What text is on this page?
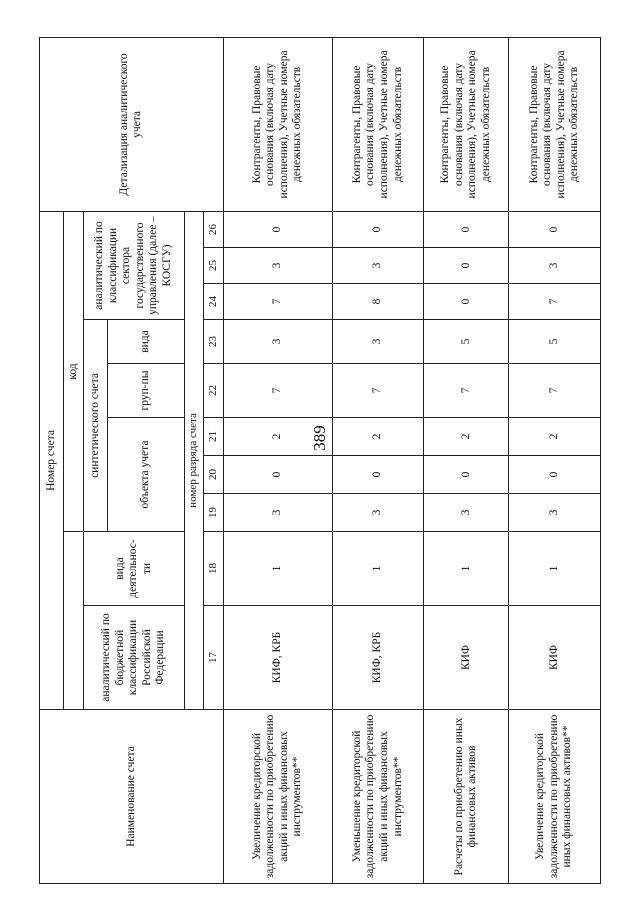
389
Наименование счета	Номер счета										Детализация аналитического учета
			код								
	аналитический по бюджетной классификации Российской Федерации	вида деятельнос-ти	синтетического счета					аналитический по классификации сектора государственного управления (далее – КОСГУ)			
			объекта учета			груп-пы	вида				
	номер разряда счета										
	17	18	19	20	21	22	23	24	25	26	
Увеличение кредиторской задолженности по приобретению акций и иных финансовых инструментов**	КИФ, КРБ	1	3	0	2	7	3	7	3	0	Контрагенты, Правовые основания (включая дату исполнения), Учетные номера денежных обязательств
Уменьшение кредиторской задолженности по приобретению акций и иных финансовых инструментов**	КИФ, КРБ	1	3	0	2	7	3	8	3	0	Контрагенты, Правовые основания (включая дату исполнения), Учетные номера денежных обязательств
Расчеты по приобретению иных финансовых активов	КИФ	1	3	0	2	7	5	0	0	0	Контрагенты, Правовые основания (включая дату исполнения), Учетные номера денежных обязательств
Увеличение кредиторской задолженности по приобретению иных финансовых активов**	КИФ	1	3	0	2	7	5	7	3	0	Контрагенты, Правовые основания (включая дату исполнения), Учетные номера денежных обязательств
